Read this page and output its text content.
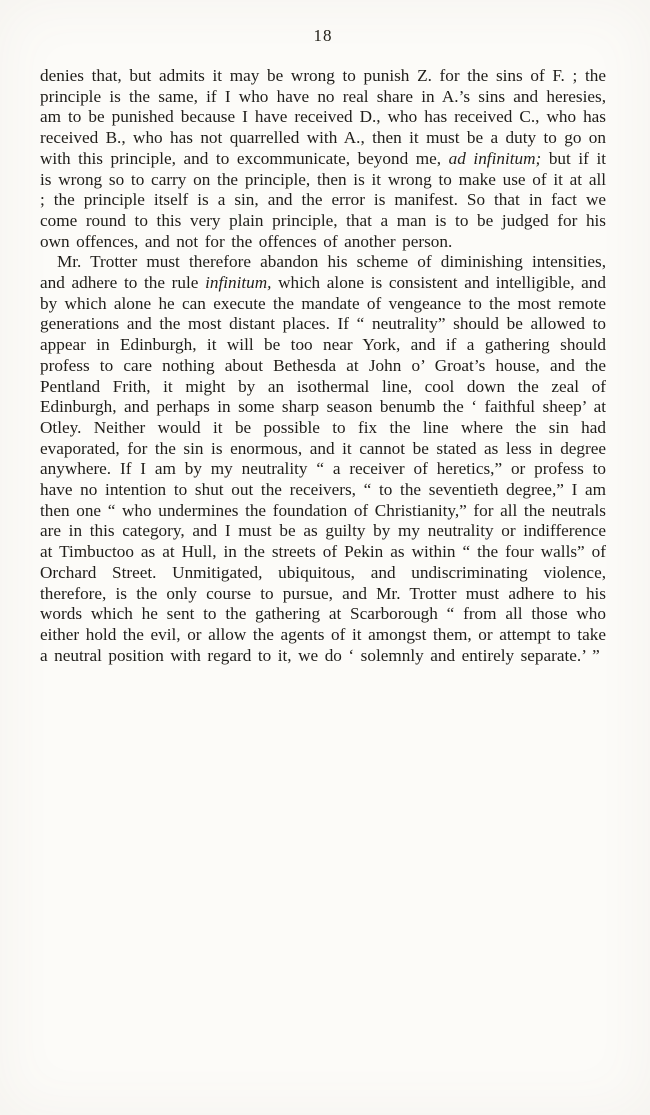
18

denies that, but admits it may be wrong to punish Z. for the sins of F. ; the principle is the same, if I who have no real share in A.’s sins and heresies, am to be punished because I have received D., who has received C., who has received B., who has not quarrelled with A., then it must be a duty to go on with this principle, and to excommunicate, beyond me, ad infinitum; but if it is wrong so to carry on the principle, then is it wrong to make use of it at all ; the principle itself is a sin, and the error is manifest. So that in fact we come round to this very plain principle, that a man is to be judged for his own offences, and not for the offences of another person.

Mr. Trotter must therefore abandon his scheme of diminishing intensities, and adhere to the rule infinitum, which alone is consistent and intelligible, and by which alone he can execute the mandate of vengeance to the most remote generations and the most distant places. If “ neutrality” should be allowed to appear in Edinburgh, it will be too near York, and if a gathering should profess to care nothing about Bethesda at John o’ Groat’s house, and the Pentland Frith, it might by an isothermal line, cool down the zeal of Edinburgh, and perhaps in some sharp season benumb the ‘ faithful sheep’ at Otley. Neither would it be possible to fix the line where the sin had evaporated, for the sin is enormous, and it cannot be stated as less in degree anywhere. If I am by my neutrality “ a receiver of heretics,” or profess to have no intention to shut out the receivers, “ to the seventieth degree,” I am then one “ who undermines the foundation of Christianity,” for all the neutrals are in this category, and I must be as guilty by my neutrality or indifference at Timbuctoo as at Hull, in the streets of Pekin as within “ the four walls” of Orchard Street. Unmitigated, ubiquitous, and undiscriminating violence, therefore, is the only course to pursue, and Mr. Trotter must adhere to his words which he sent to the gathering at Scarborough “ from all those who either hold the evil, or allow the agents of it amongst them, or attempt to take a neutral position with regard to it, we do ‘ solemnly and entirely separate.’ ”
